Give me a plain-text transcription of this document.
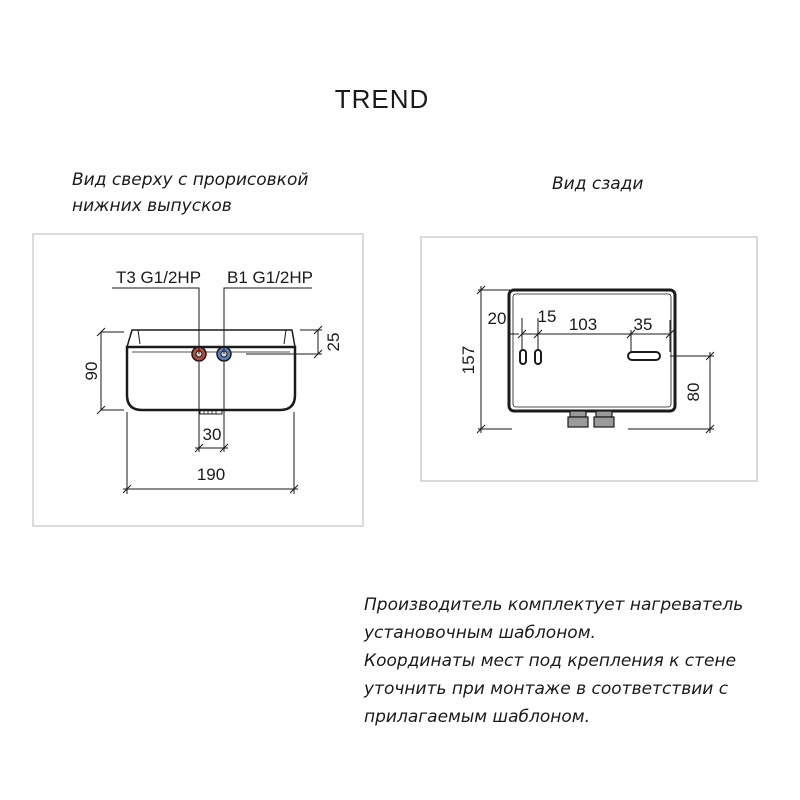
TREND
Вид сверху с прорисовкой
нижних выпусков
Вид сзади
T3 G1/2HP B1 G1/2HP
90
25
30
190
157
20 15 103 35
80
Производитель комплектует нагреватель
установочным шаблоном.
Координаты мест под крепления к стене
уточнить при монтаже в соответствии с
прилагаемым шаблоном.
